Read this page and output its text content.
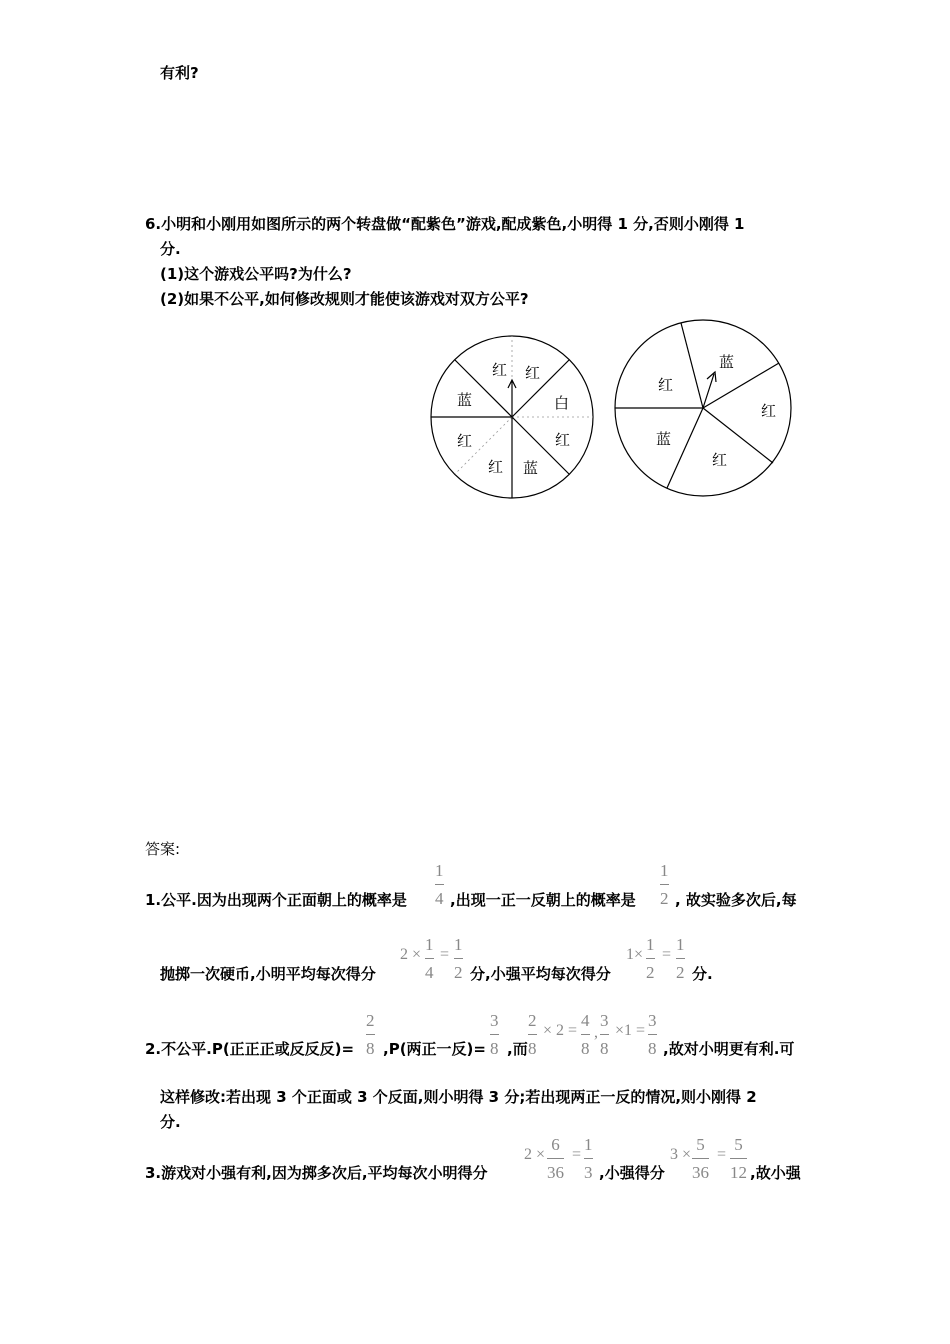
有利?
6.小明和小刚用如图所示的两个转盘做“配紫色”游戏,配成紫色,小明得 1 分,否则小刚得 1
分.
(1)这个游戏公平吗?为什么?
(2)如果不公平,如何修改规则才能使该游戏对双方公平?
红 红
白
红
蓝
红
红
蓝
蓝
红
红
蓝
红
答案:
1.公平.因为出现两个正面朝上的概率是
1
4 ,出现一正一反朝上的概率是
1
2 , 故实验多次后,每
抛掷一次硬币,小明平均每次得分
2 ×
1
4
=
1
2 分,小强平均每次得分
1×
1
2
=
1
2 分.
2.不公平.P(正正正或反反反)=
2
8 ,P(两正一反)=
3
8 ,而
2
8
× 2 =
4
8
,
3
8
×1 =
3
8 ,故对小明更有利.可
这样修改:若出现 3 个正面或 3 个反面,则小明得 3 分;若出现两正一反的情况,则小刚得 2
分.
3.游戏对小强有利,因为掷多次后,平均每次小明得分
2 ×
6
36
=
1
3 ,小强得分
3 ×
5
36
=
5
12 ,故小强
